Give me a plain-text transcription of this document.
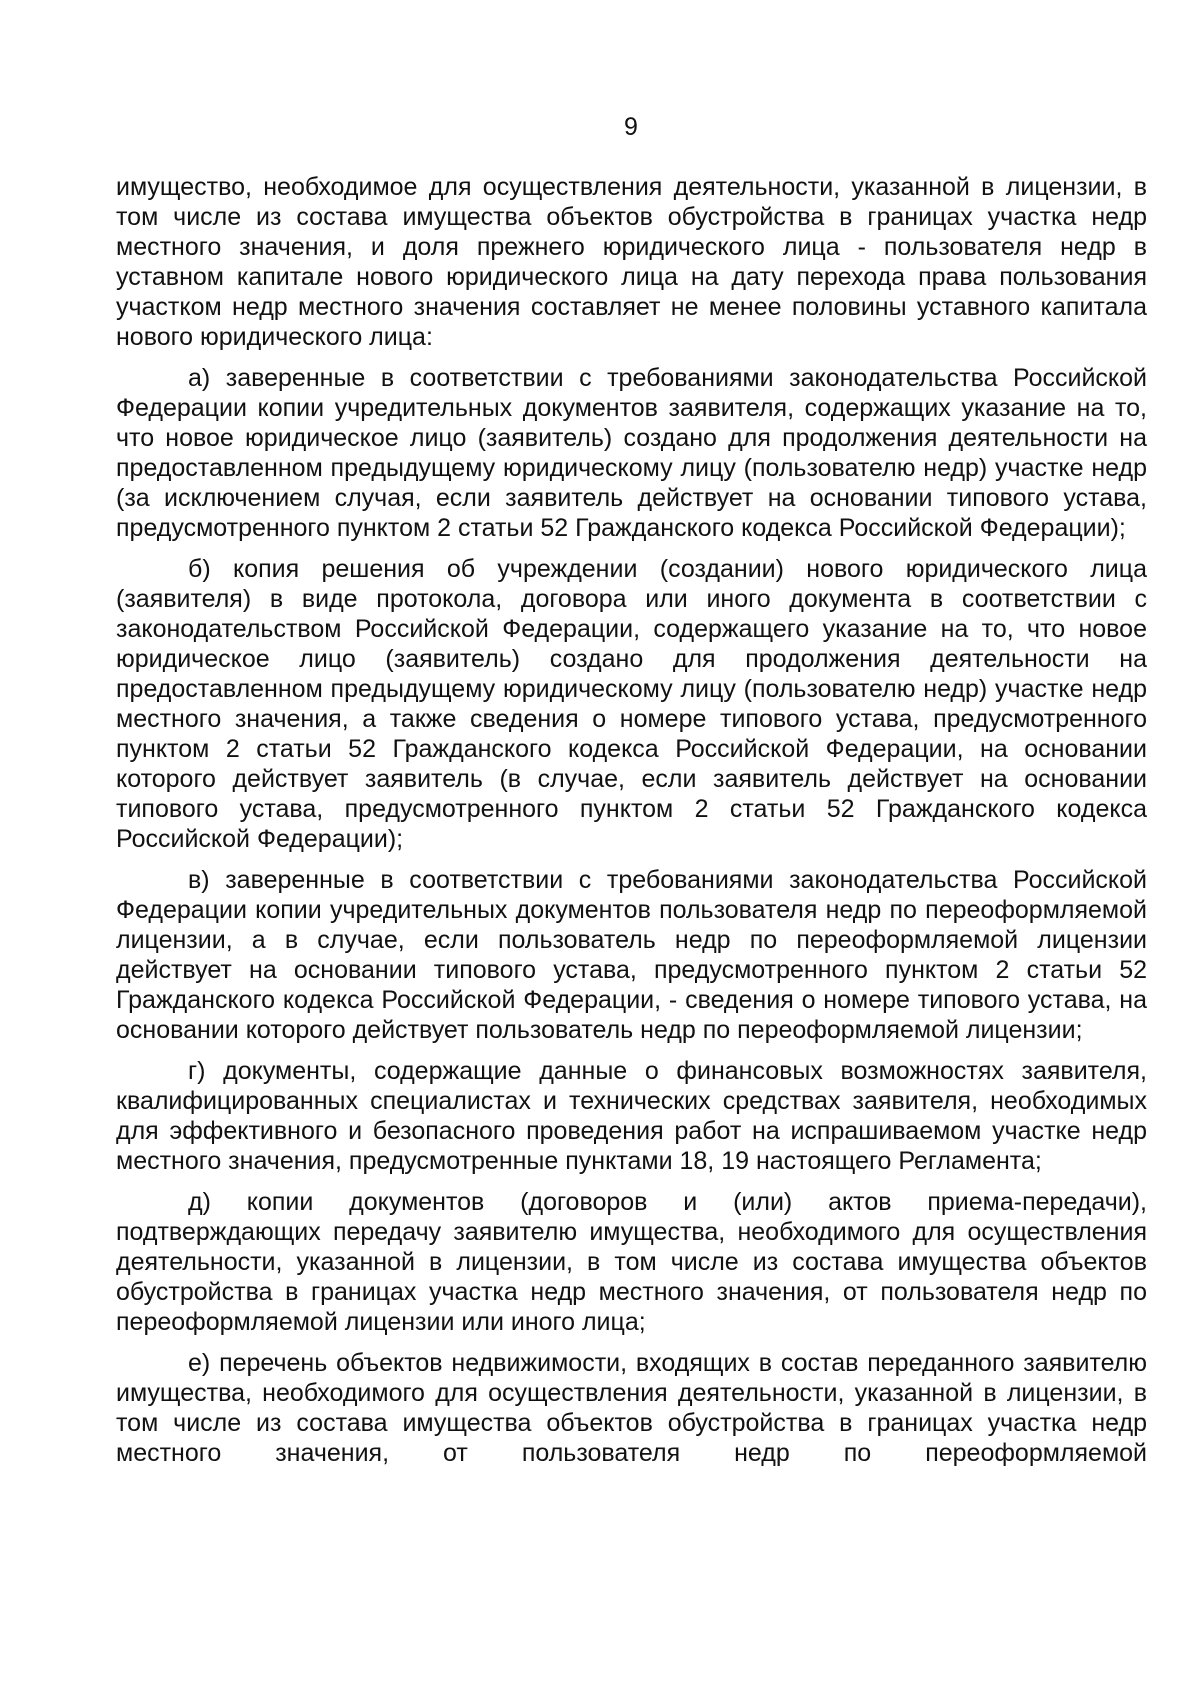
9

имущество, необходимое для осуществления деятельности, указанной в лицензии, в том числе из состава имущества объектов обустройства в границах участка недр местного значения, и доля прежнего юридического лица - пользователя недр в уставном капитале нового юридического лица на дату перехода права пользования участком недр местного значения составляет не менее половины уставного капитала нового юридического лица:

а) заверенные в соответствии с требованиями законодательства Российской Федерации копии учредительных документов заявителя, содержащих указание на то, что новое юридическое лицо (заявитель) создано для продолжения деятельности на предоставленном предыдущему юридическому лицу (пользователю недр) участке недр (за исключением случая, если заявитель действует на основании типового устава, предусмотренного пунктом 2 статьи 52 Гражданского кодекса Российской Федерации);

б) копия решения об учреждении (создании) нового юридического лица (заявителя) в виде протокола, договора или иного документа в соответствии с законодательством Российской Федерации, содержащего указание на то, что новое юридическое лицо (заявитель) создано для продолжения деятельности на предоставленном предыдущему юридическому лицу (пользователю недр) участке недр местного значения, а также сведения о номере типового устава, предусмотренного пунктом 2 статьи 52 Гражданского кодекса Российской Федерации, на основании которого действует заявитель (в случае, если заявитель действует на основании типового устава, предусмотренного пунктом 2 статьи 52 Гражданского кодекса Российской Федерации);

в) заверенные в соответствии с требованиями законодательства Российской Федерации копии учредительных документов пользователя недр по переоформляемой лицензии, а в случае, если пользователь недр по переоформляемой лицензии действует на основании типового устава, предусмотренного пунктом 2 статьи 52 Гражданского кодекса Российской Федерации, - сведения о номере типового устава, на основании которого действует пользователь недр по переоформляемой лицензии;

г) документы, содержащие данные о финансовых возможностях заявителя, квалифицированных специалистах и технических средствах заявителя, необходимых для эффективного и безопасного проведения работ на испрашиваемом участке недр местного значения, предусмотренные пунктами 18, 19 настоящего Регламента;

д) копии документов (договоров и (или) актов приема-передачи), подтверждающих передачу заявителю имущества, необходимого для осуществления деятельности, указанной в лицензии, в том числе из состава имущества объектов обустройства в границах участка недр местного значения, от пользователя недр по переоформляемой лицензии или иного лица;

е) перечень объектов недвижимости, входящих в состав переданного заявителю имущества, необходимого для осуществления деятельности, указанной в лицензии, в том числе из состава имущества объектов обустройства в границах участка недр местного значения, от пользователя недр по переоформляемой
